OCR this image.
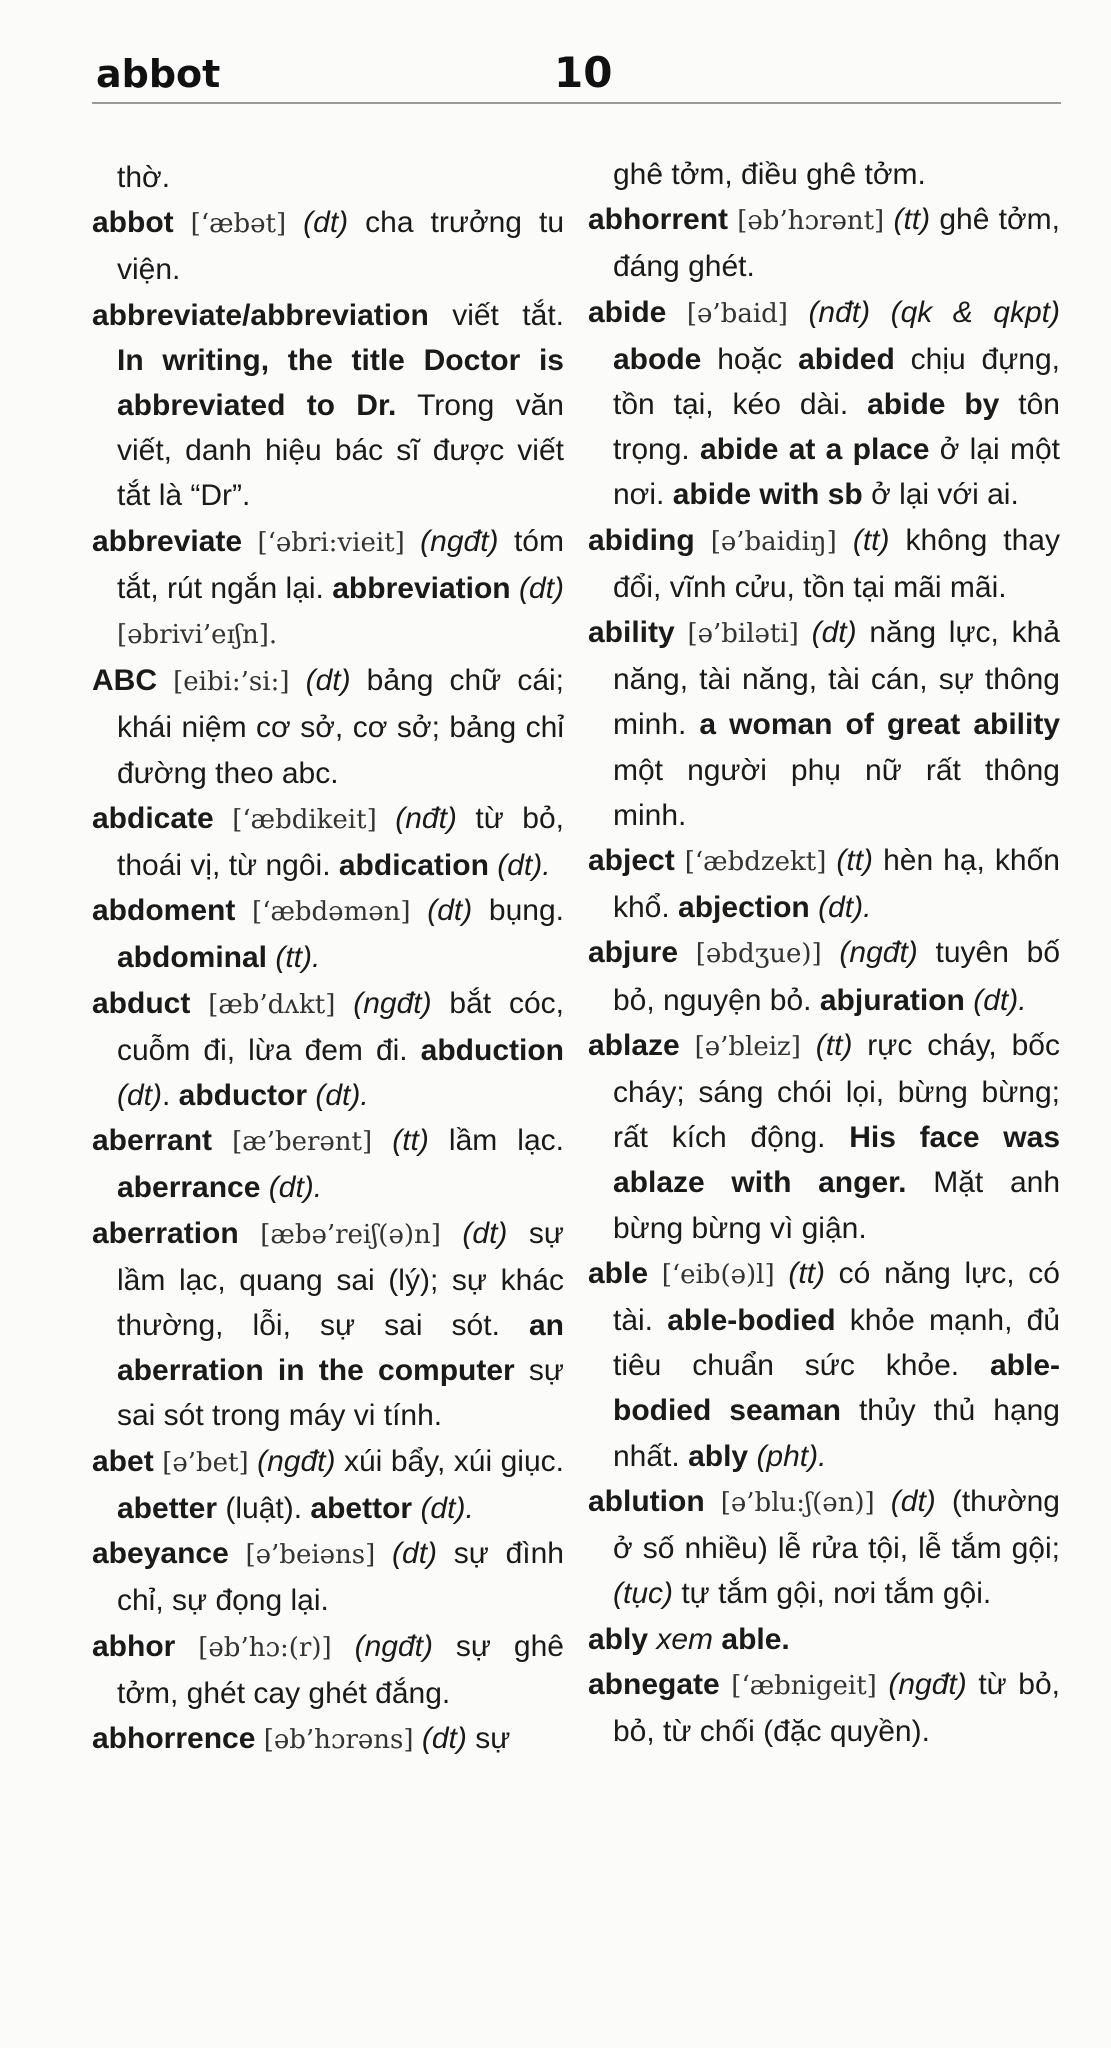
abbot	10

thờ.

abbot [‘æbət] (dt) cha trưởng tu viện.

abbreviate/abbreviation viết tắt. In writing, the title Doctor is abbreviated to Dr. Trong văn viết, danh hiệu bác sĩ được viết tắt là “Dr”.

abbreviate [‘əbri:vieit] (ngđt) tóm tắt, rút ngắn lại. abbreviation (dt) [əbrivi’eɪʃn].

ABC [eibi:’si:] (dt) bảng chữ cái; khái niệm cơ sở, cơ sở; bảng chỉ đường theo abc.

abdicate [‘æbdikeit] (nđt) từ bỏ, thoái vị, từ ngôi. abdication (dt).

abdoment [‘æbdəmən] (dt) bụng. abdominal (tt).

abduct [æb’dʌkt] (ngđt) bắt cóc, cuỗm đi, lừa đem đi. abduction (dt). abductor (dt).

aberrant [æ’berənt] (tt) lầm lạc. aberrance (dt).

aberration [æbə’reiʃ(ə)n] (dt) sự lầm lạc, quang sai (lý); sự khác thường, lỗi, sự sai sót. an aberration in the computer sự sai sót trong máy vi tính.

abet [ə’bet] (ngđt) xúi bẩy, xúi giục. abetter (luật). abettor (dt).

abeyance [ə’beiəns] (dt) sự đình chỉ, sự đọng lại.

abhor [əb’hɔ:(r)] (ngđt) sự ghê tởm, ghét cay ghét đắng.

abhorrence [əb’hɔrəns] (dt) sự

ghê tởm, điều ghê tởm.

abhorrent [əb’hɔrənt] (tt) ghê tởm, đáng ghét.

abide [ə’baid] (nđt) (qk & qkpt) abode hoặc abided chịu đựng, tồn tại, kéo dài. abide by tôn trọng. abide at a place ở lại một nơi. abide with sb ở lại với ai.

abiding [ə’baidiŋ] (tt) không thay đổi, vĩnh cửu, tồn tại mãi mãi.

ability [ə’biləti] (dt) năng lực, khả năng, tài năng, tài cán, sự thông minh. a woman of great ability một người phụ nữ rất thông minh.

abject [‘æbdzekt] (tt) hèn hạ, khốn khổ. abjection (dt).

abjure [əbdʒue)] (ngđt) tuyên bố bỏ, nguyện bỏ. abjuration (dt).

ablaze [ə’bleiz] (tt) rực cháy, bốc cháy; sáng chói lọi, bừng bừng; rất kích động. His face was ablaze with anger. Mặt anh bừng bừng vì giận.

able [‘eib(ə)l] (tt) có năng lực, có tài. able-bodied khỏe mạnh, đủ tiêu chuẩn sức khỏe. able-bodied seaman thủy thủ hạng nhất. ably (pht).

ablution [ə’blu:ʃ(ən)] (dt) (thường ở số nhiều) lễ rửa tội, lễ tắm gội; (tục) tự tắm gội, nơi tắm gội.

ably xem able.

abnegate [‘æbnigeit] (ngđt) từ bỏ, bỏ, từ chối (đặc quyền).
